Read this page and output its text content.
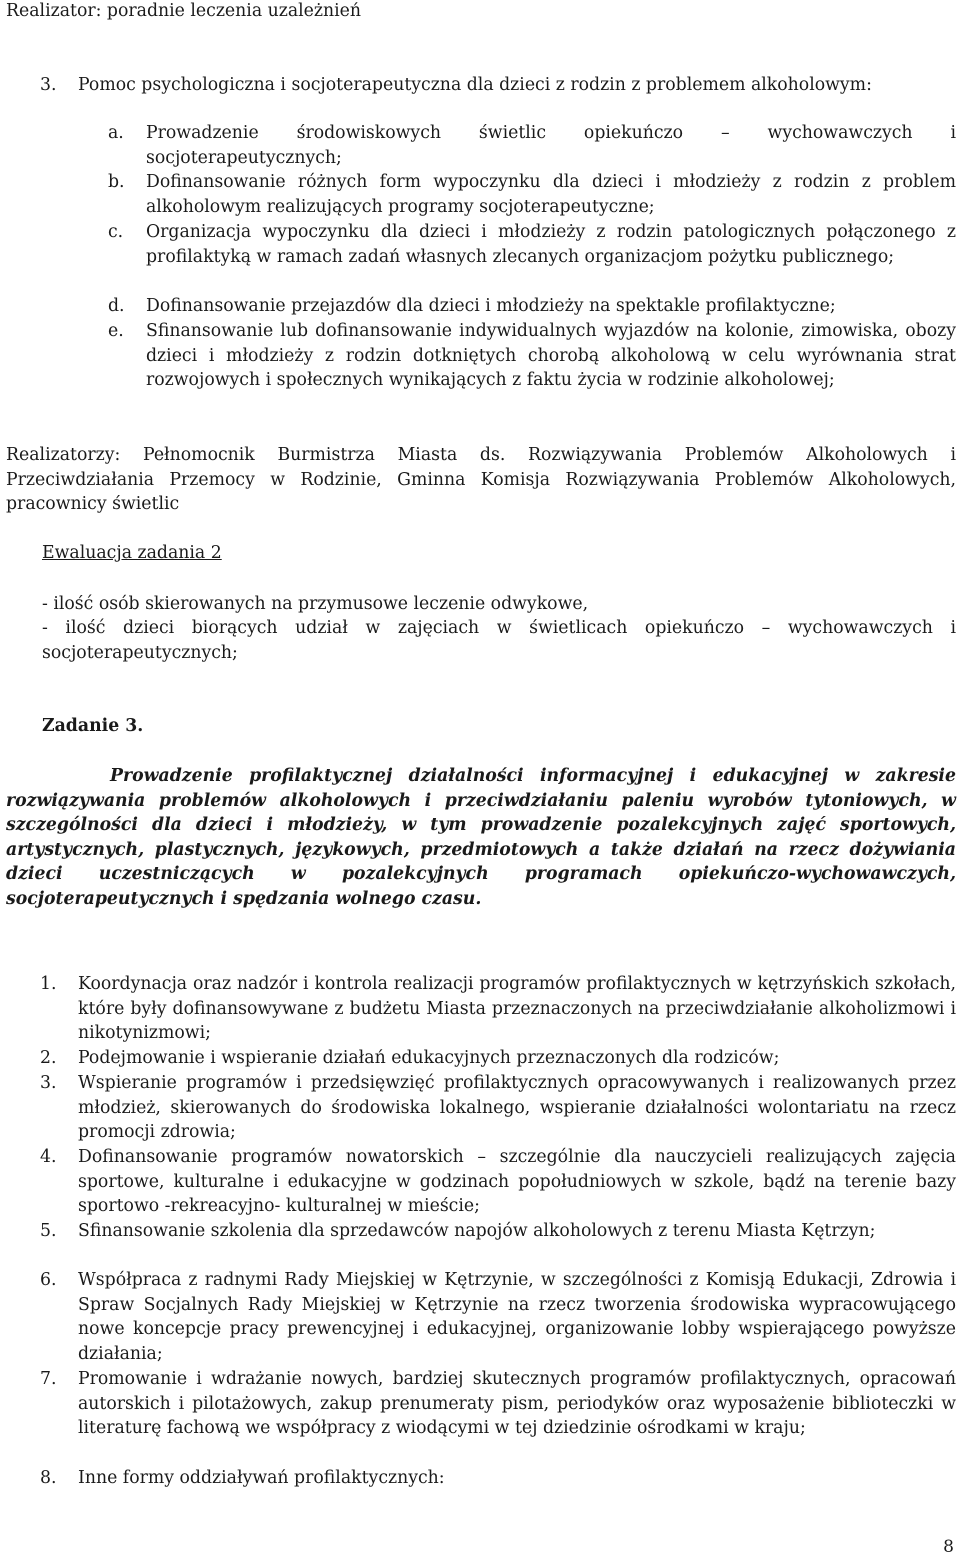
Realizator: poradnie leczenia uzależnień

3. Pomoc psychologiczna i socjoterapeutyczna dla dzieci z rodzin z problemem alkoholowym:
a. Prowadzenie środowiskowych świetlic opiekuńczo – wychowawczych i socjoterapeutycznych;
b. Dofinansowanie różnych form wypoczynku dla dzieci i młodzieży z rodzin z problem alkoholowym realizujących programy socjoterapeutyczne;
c. Organizacja wypoczynku dla dzieci i młodzieży z rodzin patologicznych połączonego z profilaktyką w ramach zadań własnych zlecanych organizacjom pożytku publicznego;
d. Dofinansowanie przejazdów dla dzieci i młodzieży na spektakle profilaktyczne;
e. Sfinansowanie lub dofinansowanie indywidualnych wyjazdów na kolonie, zimowiska, obozy dzieci i młodzieży z rodzin dotkniętych chorobą alkoholową w celu wyrównania strat rozwojowych i społecznych wynikających z faktu życia w rodzinie alkoholowej;

Realizatorzy: Pełnomocnik Burmistrza Miasta ds. Rozwiązywania Problemów Alkoholowych i Przeciwdziałania Przemocy w Rodzinie, Gminna Komisja Rozwiązywania Problemów Alkoholowych, pracownicy świetlic

Ewaluacja zadania 2

- ilość osób skierowanych na przymusowe leczenie odwykowe,

- ilość dzieci biorących udział w zajęciach w świetlicach opiekuńczo – wychowawczych i socjoterapeutycznych;

Zadanie 3.

Prowadzenie profilaktycznej działalności informacyjnej i edukacyjnej w zakresie rozwiązywania problemów alkoholowych i przeciwdziałaniu paleniu wyrobów tytoniowych, w szczególności dla dzieci i młodzieży, w tym prowadzenie pozalekcyjnych zajęć sportowych, artystycznych, plastycznych, językowych, przedmiotowych a także działań na rzecz dożywiania dzieci uczestniczących w pozalekcyjnych programach opiekuńczo-wychowawczych, socjoterapeutycznych i spędzania wolnego czasu.

1. Koordynacja oraz nadzór i kontrola realizacji programów profilaktycznych w kętrzyńskich szkołach, które były dofinansowywane z budżetu Miasta przeznaczonych na przeciwdziałanie alkoholizmowi i nikotynizmowi;
2. Podejmowanie i wspieranie działań edukacyjnych przeznaczonych dla rodziców;
3. Wspieranie programów i przedsięwzięć profilaktycznych opracowywanych i realizowanych przez młodzież, skierowanych do środowiska lokalnego, wspieranie działalności wolontariatu na rzecz promocji zdrowia;
4. Dofinansowanie programów nowatorskich – szczególnie dla nauczycieli realizujących zajęcia sportowe, kulturalne i edukacyjne w godzinach popołudniowych w szkole, bądź na terenie bazy sportowo -rekreacyjno- kulturalnej w mieście;
5. Sfinansowanie szkolenia dla sprzedawców napojów alkoholowych z terenu Miasta Kętrzyn;
6. Współpraca z radnymi Rady Miejskiej w Kętrzynie, w szczególności z Komisją Edukacji, Zdrowia i Spraw Socjalnych Rady Miejskiej w Kętrzynie na rzecz tworzenia środowiska wypracowującego nowe koncepcje pracy prewencyjnej i edukacyjnej, organizowanie lobby wspierającego powyższe działania;
7. Promowanie i wdrażanie nowych, bardziej skutecznych programów profilaktycznych, opracowań autorskich i pilotażowych, zakup prenumeraty pism, periodyków oraz wyposażenie biblioteczki w literaturę fachową we współpracy z wiodącymi w tej dziedzinie ośrodkami w kraju;
8. Inne formy oddziaływań profilaktycznych:
8
